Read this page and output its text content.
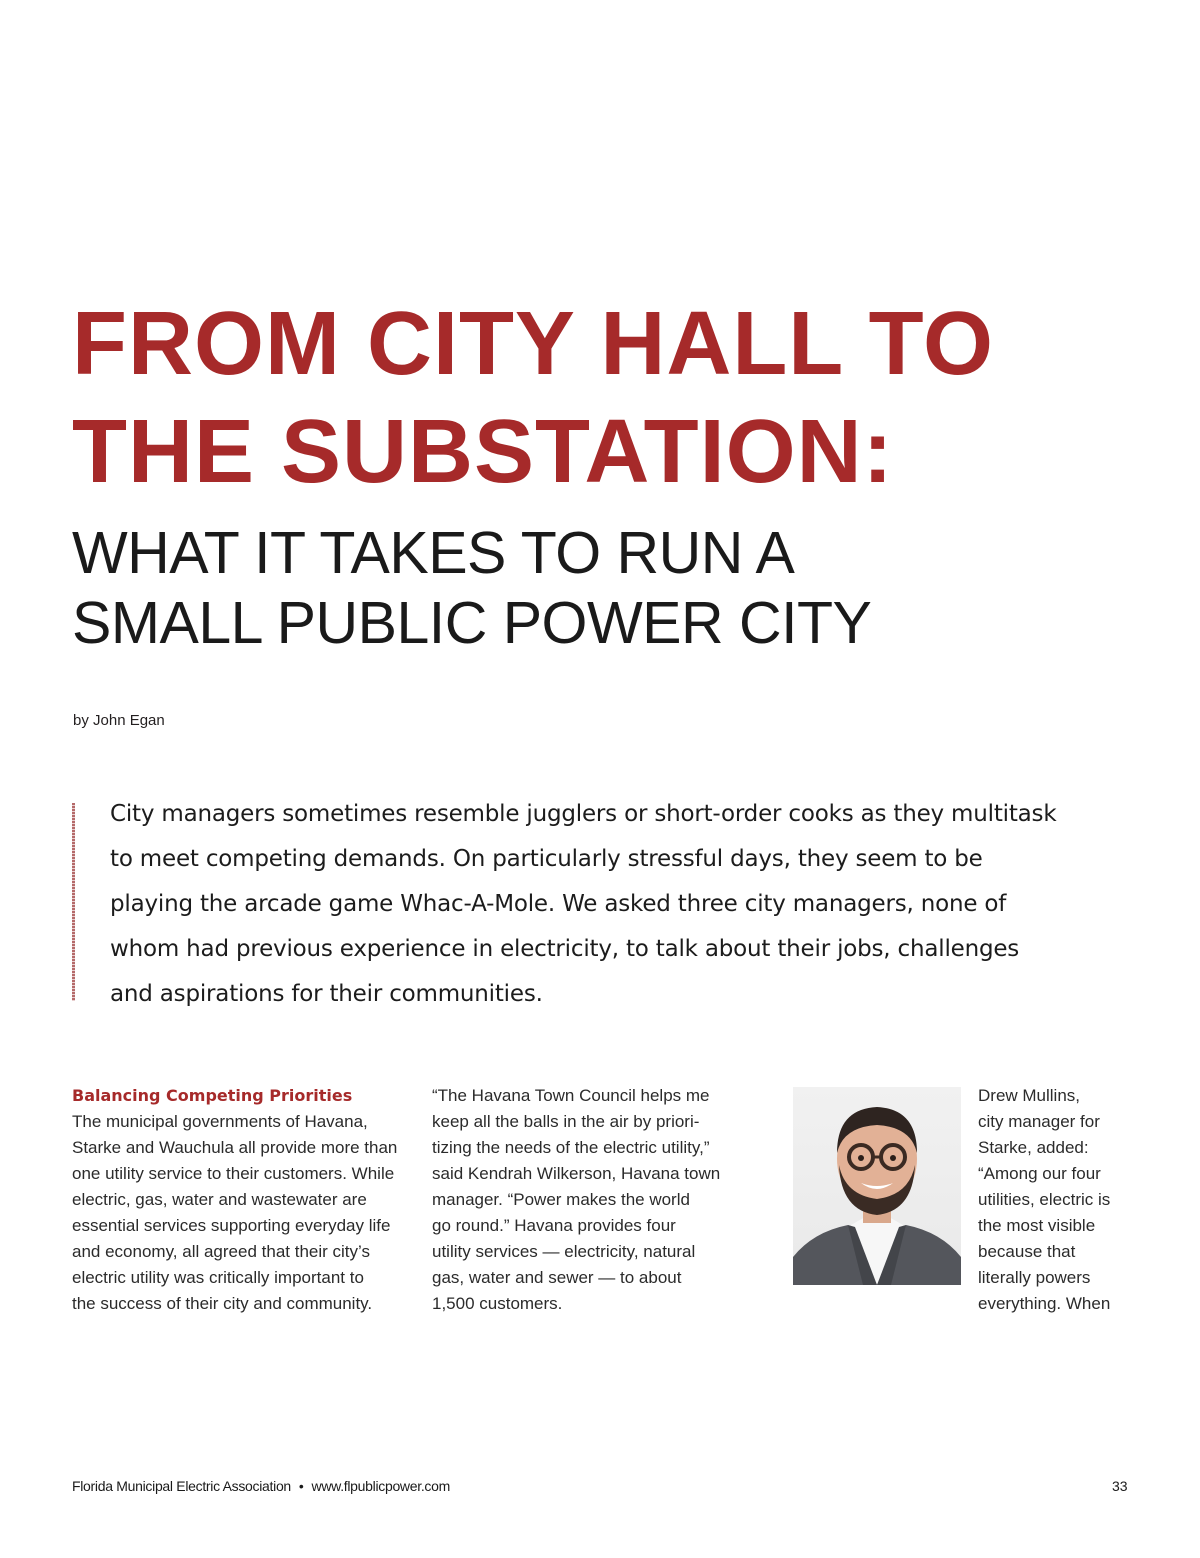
FROM CITY HALL TO
THE SUBSTATION:
WHAT IT TAKES TO RUN A
SMALL PUBLIC POWER CITY
by John Egan

City managers sometimes resemble jugglers or short-order cooks as they multitask
to meet competing demands. On particularly stressful days, they seem to be
playing the arcade game Whac-A-Mole. We asked three city managers, none of
whom had previous experience in electricity, to talk about their jobs, challenges
and aspirations for their communities.

Balancing Competing Priorities
The municipal governments of Havana,
Starke and Wauchula all provide more than
one utility service to their customers. While
electric, gas, water and wastewater are
essential services supporting everyday life
and economy, all agreed that their city’s
electric utility was critically important to
the success of their city and community.

“The Havana Town Council helps me
keep all the balls in the air by priori-
tizing the needs of the electric utility,”
said Kendrah Wilkerson, Havana town
manager. “Power makes the world
go round.” Havana provides four
utility services — electricity, natural
gas, water and sewer — to about
1,500 customers.

Drew Mullins,
city manager for
Starke, added:
“Among our four
utilities, electric is
the most visible
because that
literally powers
everything. When

Florida Municipal Electric Association • www.flpublicpower.com	33
